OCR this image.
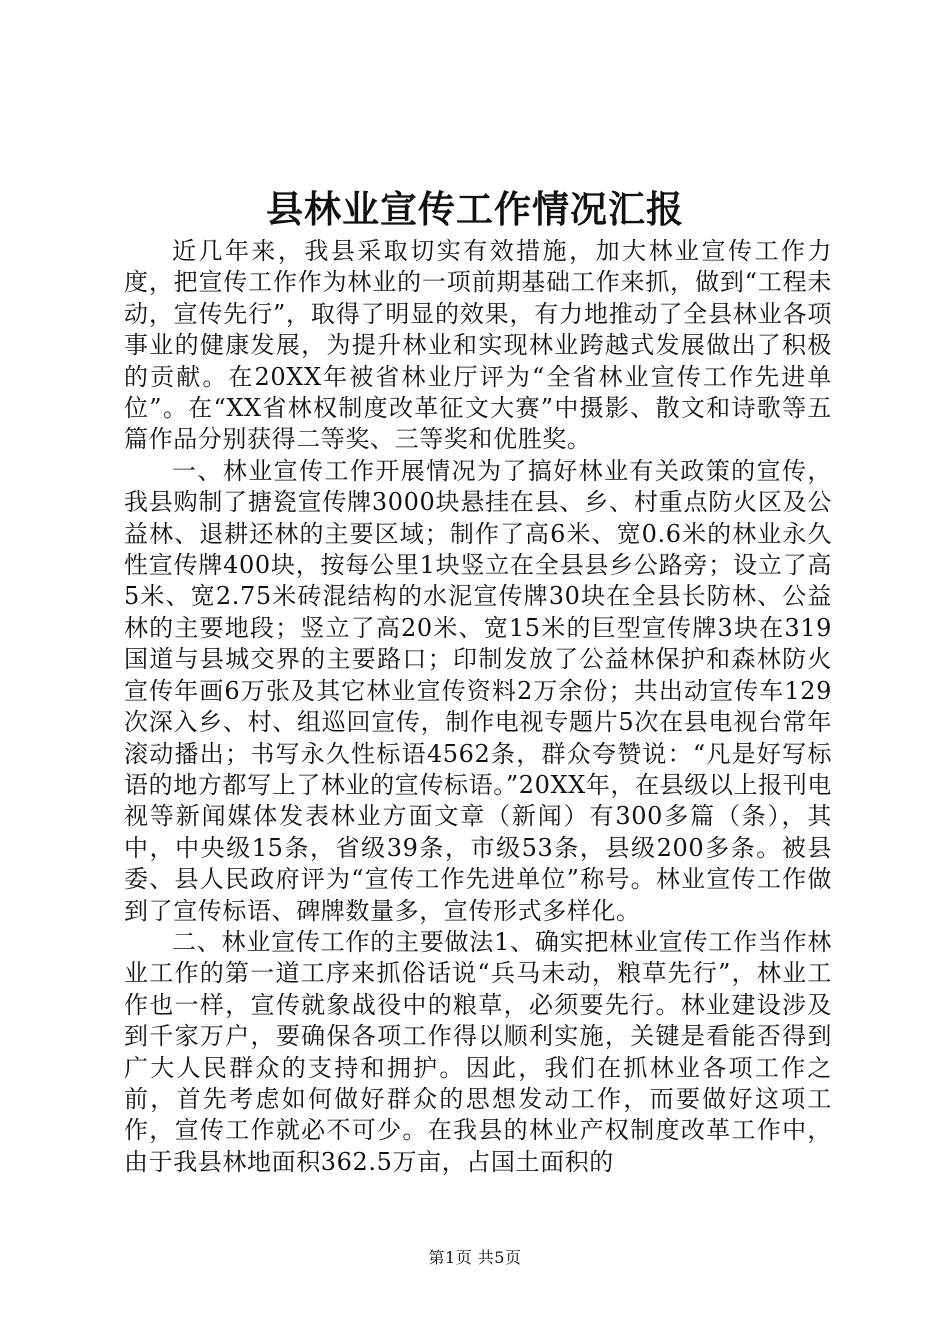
县林业宣传工作情况汇报

近几年来，我县采取切实有效措施，加大林业宣传工作力度，把宣传工作作为林业的一项前期基础工作来抓，做到“工程未动，宣传先行”，取得了明显的效果，有力地推动了全县林业各项事业的健康发展，为提升林业和实现林业跨越式发展做出了积极的贡献。在20XX年被省林业厅评为“全省林业宣传工作先进单位”。在“XX省林权制度改革征文大赛”中摄影、散文和诗歌等五篇作品分别获得二等奖、三等奖和优胜奖。

一、林业宣传工作开展情况为了搞好林业有关政策的宣传，我县购制了搪瓷宣传牌3000块悬挂在县、乡、村重点防火区及公益林、退耕还林的主要区域；制作了高6米、宽0.6米的林业永久性宣传牌400块，按每公里1块竖立在全县县乡公路旁；设立了高5米、宽2.75米砖混结构的水泥宣传牌30块在全县长防林、公益林的主要地段；竖立了高20米、宽15米的巨型宣传牌3块在319国道与县城交界的主要路口；印制发放了公益林保护和森林防火宣传年画6万张及其它林业宣传资料2万余份；共出动宣传车129次深入乡、村、组巡回宣传，制作电视专题片5次在县电视台常年滚动播出；书写永久性标语4562条，群众夸赞说：“凡是好写标语的地方都写上了林业的宣传标语。”20XX年，在县级以上报刊电视等新闻媒体发表林业方面文章（新闻）有300多篇（条），其中，中央级15条，省级39条，市级53条，县级200多条。被县委、县人民政府评为“宣传工作先进单位”称号。林业宣传工作做到了宣传标语、碑牌数量多，宣传形式多样化。

二、林业宣传工作的主要做法1、确实把林业宣传工作当作林业工作的第一道工序来抓俗话说“兵马未动，粮草先行”，林业工作也一样，宣传就象战役中的粮草，必须要先行。林业建设涉及到千家万户，要确保各项工作得以顺利实施，关键是看能否得到广大人民群众的支持和拥护。因此，我们在抓林业各项工作之前，首先考虑如何做好群众的思想发动工作，而要做好这项工作，宣传工作就必不可少。在我县的林业产权制度改革工作中，由于我县林地面积362.5万亩，占国土面积的

第1页 共5页
